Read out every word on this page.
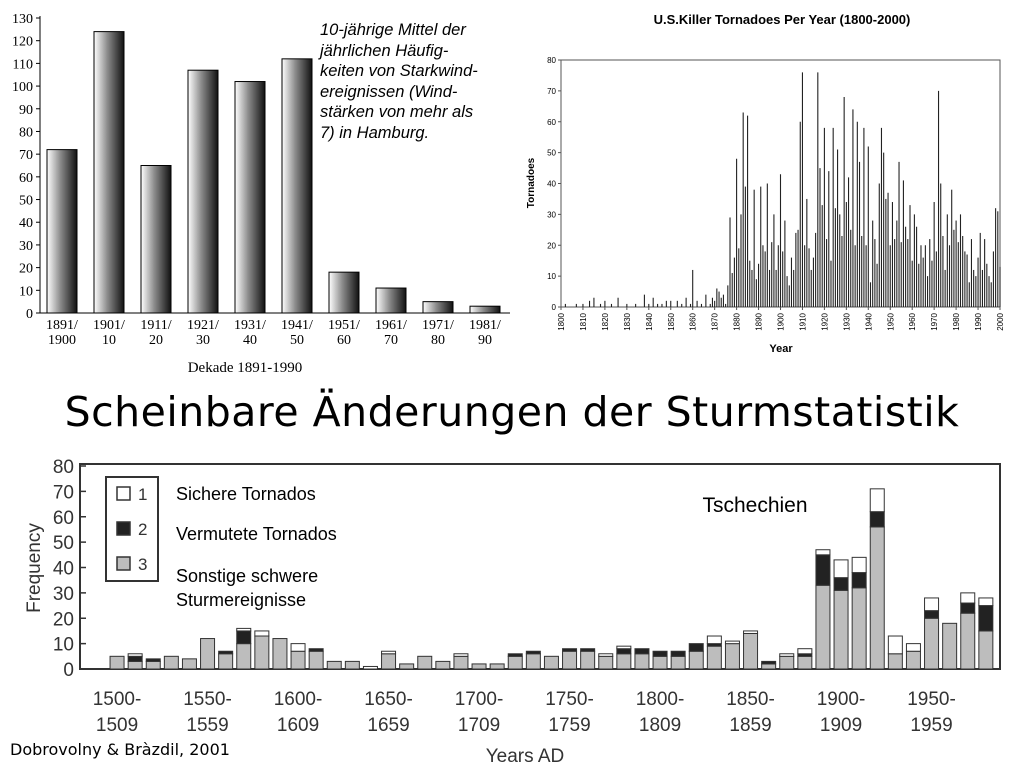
0
10
20
30
40
50
60
70
80
90
100
110
120
130
1891/
1900
1901/
10
1911/
20
1921/
30
1931/
40
1941/
50
1951/
60
1961/
70
1971/
80
1981/
90
Dekade 1891-1990
10-jährige Mittel der
jährlichen Häufig-
keiten von Starkwind-
ereignissen (Wind-
stärken von mehr als
7) in Hamburg.
U.S.Killer Tornadoes Per Year (1800-2000)
Tornadoes
Year
0
10
20
30
40
50
60
70
80
1800 1810 1820 1830 1840 1850 1860 1870 1880 1890 1900 1910 1920 1930 1940 1950 1960 1970 1980 1990 2000
Scheinbare Änderungen der Sturmstatistik
0
10
20
30
40
50
60
70
80
1500-
1509
1550-
1559
1600-
1609
1650-
1659
1700-
1709
1750-
1759
1800-
1809
1850-
1859
1900-
1909
1950-
1959
Frequency
Years AD
Tschechien
1
2
3
Sichere Tornados
Vermutete Tornados
Sonstige schwere
Sturmereignisse
Dobrovolny & Bràzdil, 2001
